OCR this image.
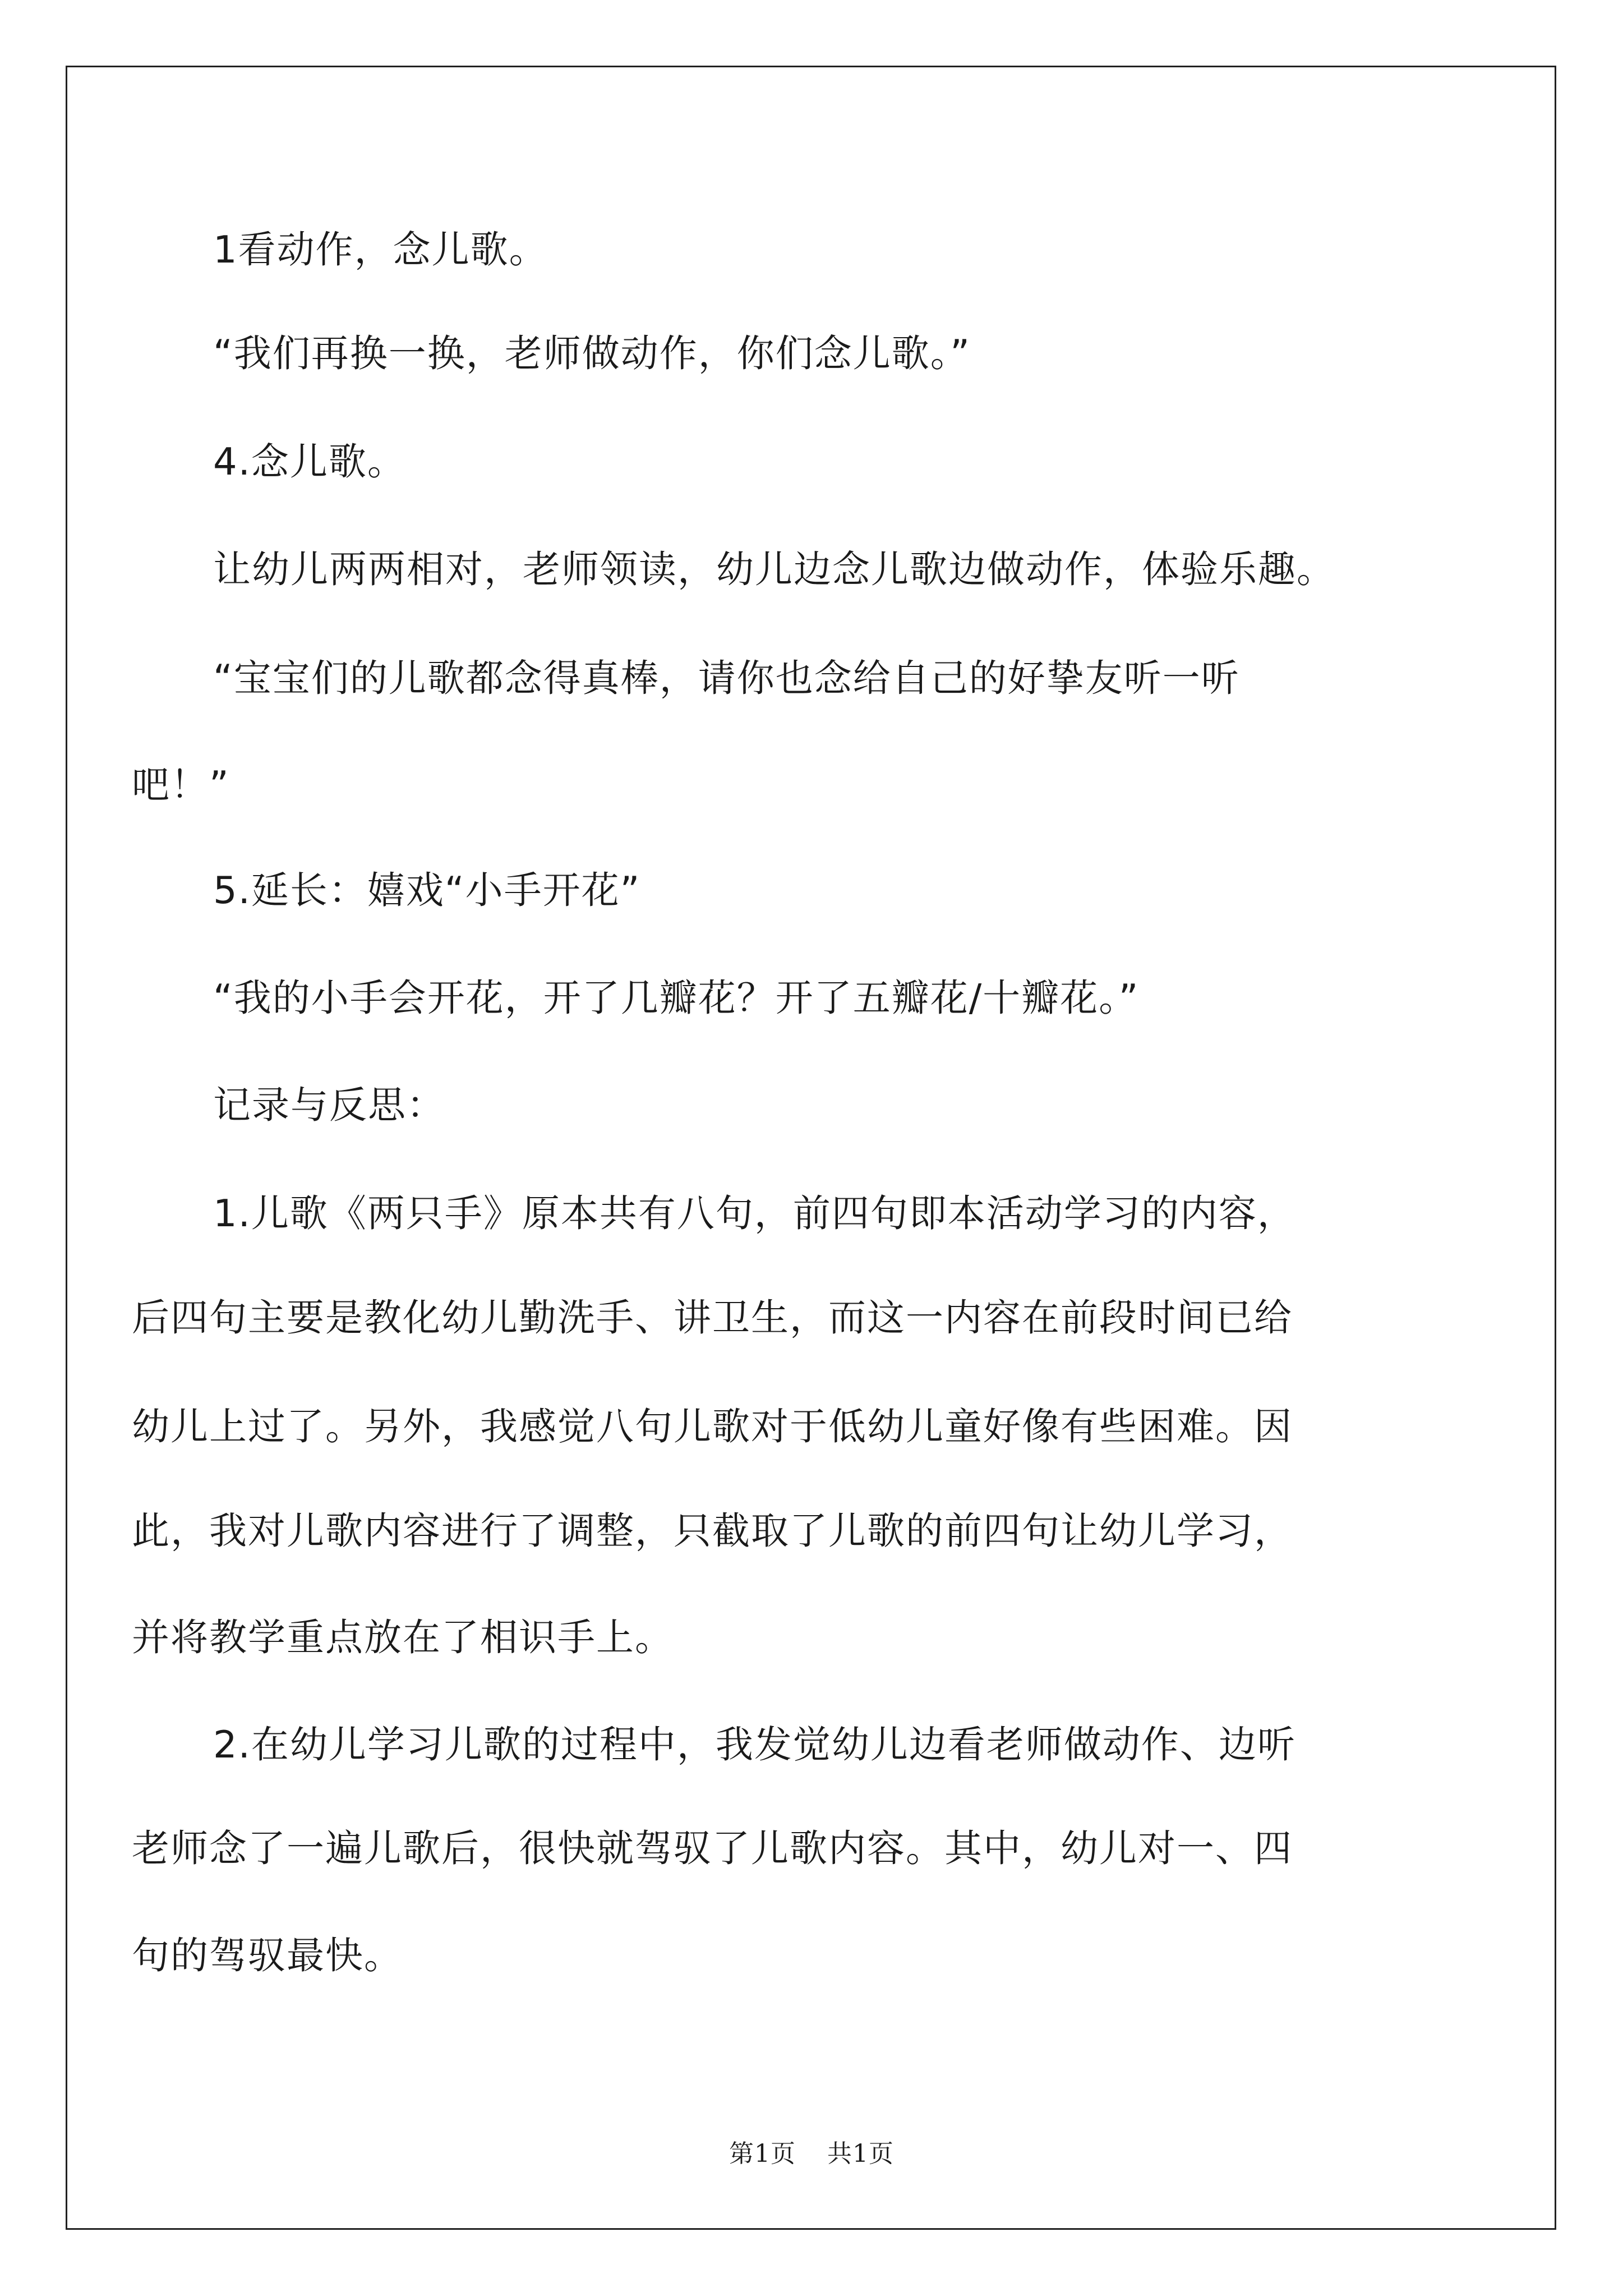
1看动作，念儿歌。

“我们再换一换，老师做动作，你们念儿歌。”

4.念儿歌。

让幼儿两两相对，老师领读，幼儿边念儿歌边做动作，体验乐趣。

“宝宝们的儿歌都念得真棒，请你也念给自己的好挚友听一听

吧！”

5.延长：嬉戏“小手开花”

“我的小手会开花，开了几瓣花？开了五瓣花/十瓣花。”

记录与反思：

1.儿歌《两只手》原本共有八句，前四句即本活动学习的内容，

后四句主要是教化幼儿勤洗手、讲卫生，而这一内容在前段时间已给

幼儿上过了。另外，我感觉八句儿歌对于低幼儿童好像有些困难。因

此，我对儿歌内容进行了调整，只截取了儿歌的前四句让幼儿学习，

并将教学重点放在了相识手上。

2.在幼儿学习儿歌的过程中，我发觉幼儿边看老师做动作、边听

老师念了一遍儿歌后，很快就驾驭了儿歌内容。其中，幼儿对一、四

句的驾驭最快。

第1页 共1页
